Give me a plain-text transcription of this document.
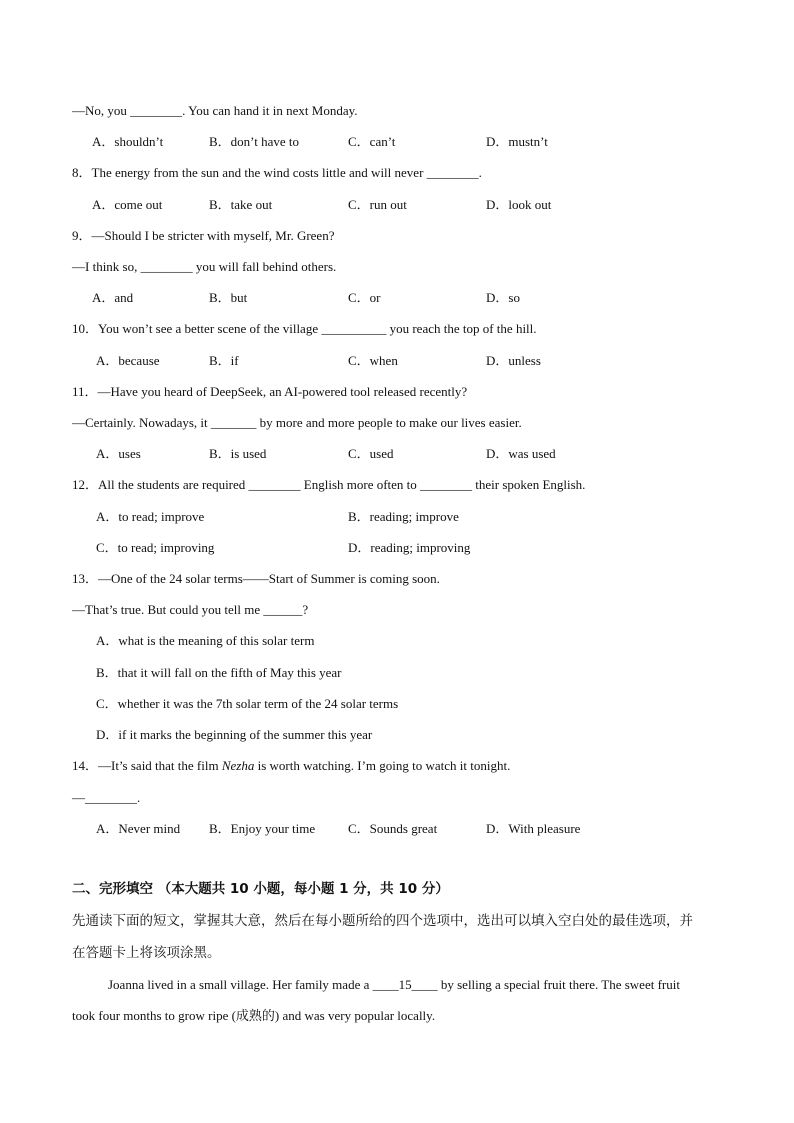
—No, you ________. You can hand it in next Monday.
A．shouldn’t	B．don’t have to	C．can’t	D．mustn’t
8．The energy from the sun and the wind costs little and will never ________.
A．come out	B．take out	C．run out	D．look out
9．—Should I be stricter with myself, Mr. Green?
—I think so, ________ you will fall behind others.
A．and	B．but	C．or	D．so
10．You won’t see a better scene of the village __________ you reach the top of the hill.
A．because	B．if	C．when	D．unless
11．—Have you heard of DeepSeek, an AI-powered tool released recently?
—Certainly. Nowadays, it _______ by more and more people to make our lives easier.
A．uses	B．is used	C．used	D．was used
12．All the students are required ________ English more often to ________ their spoken English.
A．to read; improve	B．reading; improve
C．to read; improving	D．reading; improving
13．—One of the 24 solar terms——Start of Summer is coming soon.
—That’s true. But could you tell me ______?
A．what is the meaning of this solar term
B．that it will fall on the fifth of May this year
C．whether it was the 7th solar term of the 24 solar terms
D．if it marks the beginning of the summer this year
14．—It’s said that the film Nezha is worth watching. I’m going to watch it tonight.
—________.
A．Never mind B．Enjoy your time	C．Sounds great	D．With pleasure
二、完形填空 （本大题共 10 小题，每小题 1 分，共 10 分）
先通读下面的短文，掌握其大意，然后在每小题所给的四个选项中，选出可以填入空白处的最佳选项，并
在答题卡上将该项涂黑。
Joanna lived in a small village. Her family made a ____15____ by selling a special fruit there. The sweet fruit
took four months to grow ripe (成熟的) and was very popular locally.
